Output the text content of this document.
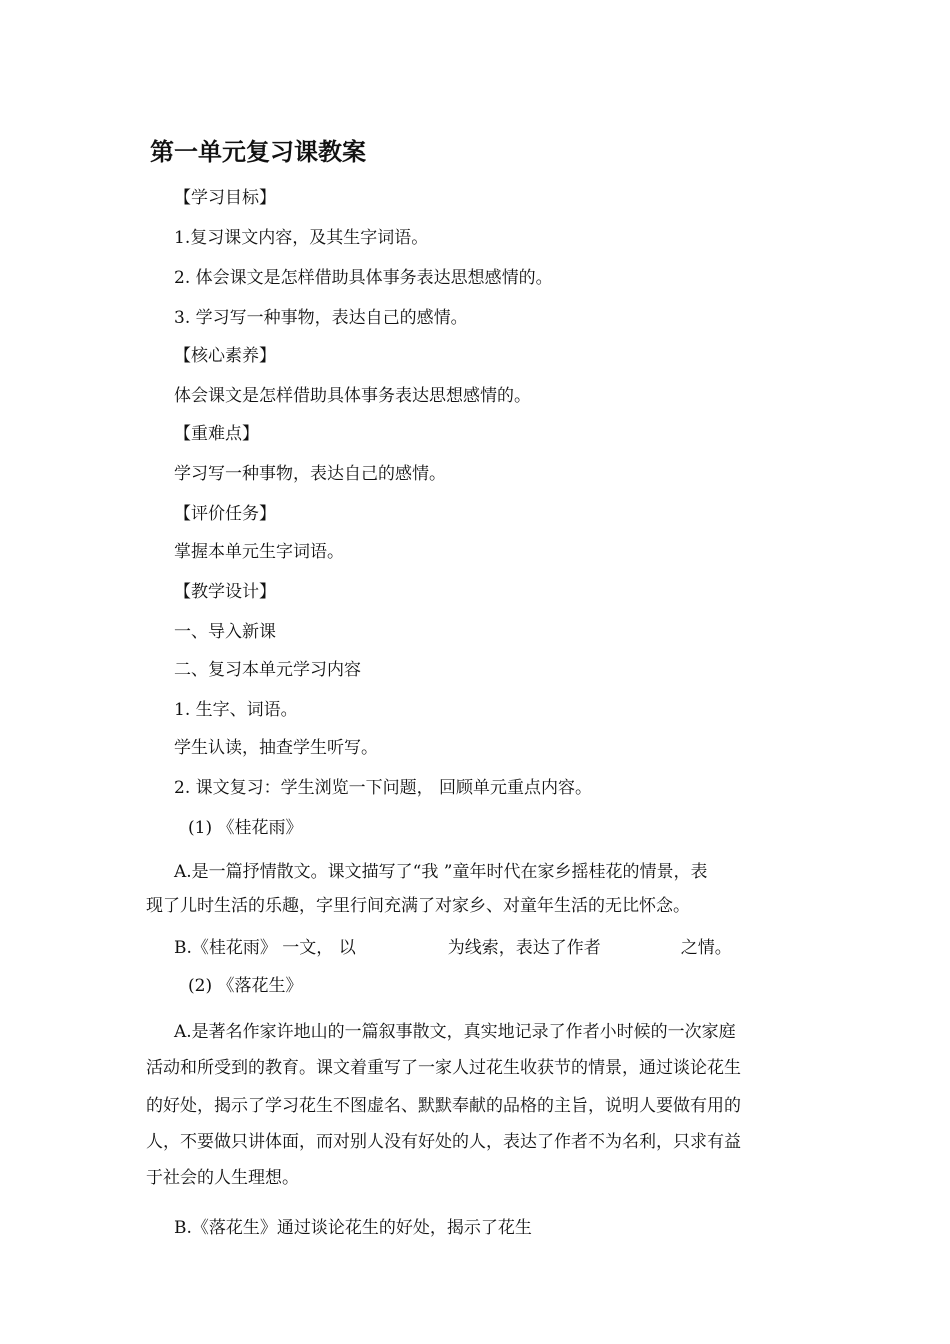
第一单元复习课教案
【学习目标】
1.复习课文内容，及其生字词语。
2. 体会课文是怎样借助具体事务表达思想感情的。
3. 学习写一种事物，表达自己的感情。
【核心素养】
体会课文是怎样借助具体事务表达思想感情的。
【重难点】
学习写一种事物，表达自己的感情。
【评价任务】
掌握本单元生字词语。
【教学设计】
一、导入新课
二、复习本单元学习内容
1. 生字、词语。
学生认读，抽查学生听写。
2. 课文复习：学生浏览一下问题， 回顾单元重点内容。
(1) 《桂花雨》
A.是一篇抒情散文。课文描写了“我 ”童年时代在家乡摇桂花的情景，表
现了儿时生活的乐趣，字里行间充满了对家乡、对童年生活的无比怀念。
B.《桂花雨》 一文， 以	为线索，表达了作者	之情。
(2) 《落花生》
A.是著名作家许地山的一篇叙事散文，真实地记录了作者小时候的一次家庭
活动和所受到的教育。课文着重写了一家人过花生收获节的情景，通过谈论花生
的好处，揭示了学习花生不图虚名、默默奉献的品格的主旨，说明人要做有用的
人，不要做只讲体面，而对别人没有好处的人，表达了作者不为名利，只求有益
于社会的人生理想。
B.《落花生》通过谈论花生的好处，揭示了花生
